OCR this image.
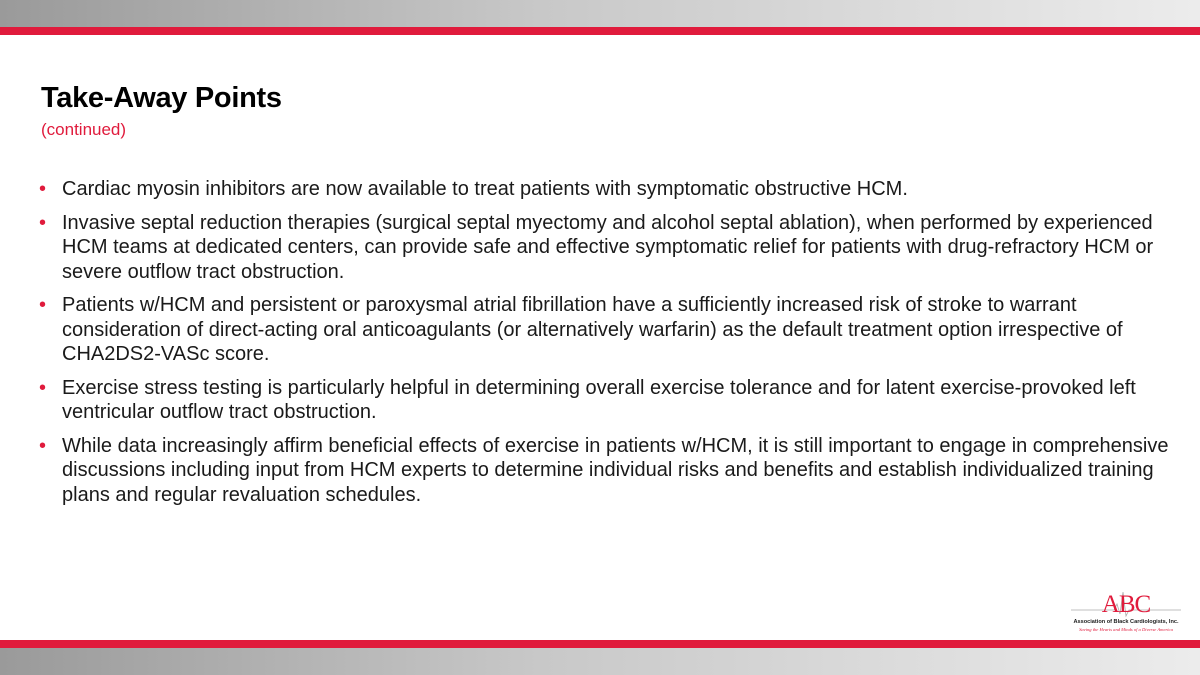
Take-Away Points
(continued)
• Cardiac myosin inhibitors are now available to treat patients with symptomatic obstructive HCM.
• Invasive septal reduction therapies (surgical septal myectomy and alcohol septal ablation), when performed by experienced HCM teams at dedicated centers, can provide safe and effective symptomatic relief for patients with drug-refractory HCM or severe outflow tract obstruction.
• Patients w/HCM and persistent or paroxysmal atrial fibrillation have a sufficiently increased risk of stroke to warrant consideration of direct-acting oral anticoagulants (or alternatively warfarin) as the default treatment option irrespective of CHA2DS2-VASc score.
• Exercise stress testing is particularly helpful in determining overall exercise tolerance and for latent exercise-provoked left ventricular outflow tract obstruction.
• While data increasingly affirm beneficial effects of exercise in patients w/HCM, it is still important to engage in comprehensive discussions including input from HCM experts to determine individual risks and benefits and establish individualized training plans and regular revaluation schedules.
ABC
Association of Black Cardiologists, Inc.
Saving the Hearts and Minds of a Diverse America
